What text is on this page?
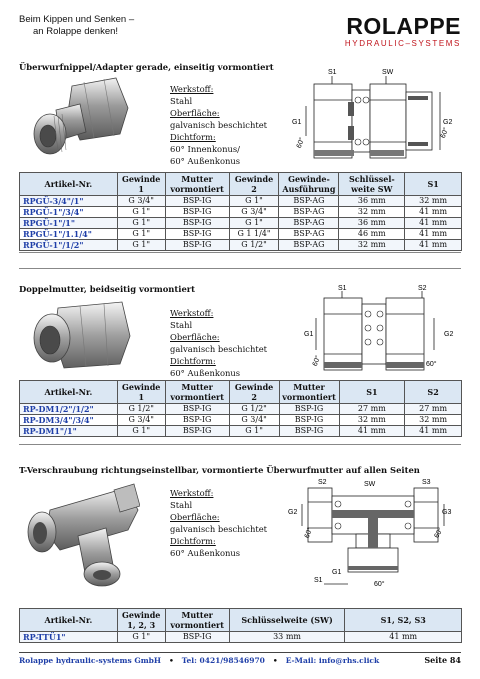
Beim Kippen und Senken –
an Rolappe denken!	ROLAPPE
HYDRAULIC–SYSTEMS
Überwurfnippel/Adapter gerade, einseitig vormontiert
Werkstoff:
Stahl
Oberfläche:
galvanisch beschichtet
Dichtform:
60° Innenkonus/
60° Außenkonus
S1	SW
G1	G2
60°
60°
Artikel-Nr.	Gewinde 1	Mutter vormontiert	Gewinde 2	Gewinde-Ausführung	Schlüssel-weite SW	S1
RPGÜ-3/4"/1"	G 3/4"	BSP-IG	G 1"	BSP-AG	36 mm	32 mm
RPGÜ-1"/3/4"	G 1"	BSP-IG	G 3/4"	BSP-AG	32 mm	41 mm
RPGÜ-1"/1"	G 1"	BSP-IG	G 1"	BSP-AG	36 mm	41 mm
RPGÜ-1"/1.1/4"	G 1"	BSP-IG	G 1 1/4"	BSP-AG	46 mm	41 mm
RPGÜ-1"/1/2"	G 1"	BSP-IG	G 1/2"	BSP-AG	32 mm	41 mm
Doppelmutter, beidseitig vormontiert
Werkstoff:
Stahl
Oberfläche:
galvanisch beschichtet
Dichtform:
60° Außenkonus
S1	S2
G1	G2
60°	60°
Artikel-Nr.	Gewinde 1	Mutter vormontiert	Gewinde 2	Mutter vormontiert	S1	S2
RP-DM1/2"/1/2"	G 1/2"	BSP-IG	G 1/2"	BSP-IG	27 mm	27 mm
RP-DM3/4"/3/4"	G 3/4"	BSP-IG	G 3/4"	BSP-IG	32 mm	32 mm
RP-DM1"/1"	G 1"	BSP-IG	G 1"	BSP-IG	41 mm	41 mm
T-Verschraubung richtungseinstellbar, vormontierte Überwurfmutter auf allen Seiten
Werkstoff:
Stahl
Oberfläche:
galvanisch beschichtet
Dichtform:
60° Außenkonus
S2	SW	S3
G2	G3
G1
S1
60°	60°
60°
Artikel-Nr.	Gewinde 1, 2, 3	Mutter vormontiert	Schlüsselweite (SW)	S1, S2, S3
RP-TTÜ1"	G 1"	BSP-IG	33 mm	41 mm
Rolappe hydraulic-systems GmbH • Tel: 0421/98546970 • E-Mail: info@rhs.click	Seite 84
